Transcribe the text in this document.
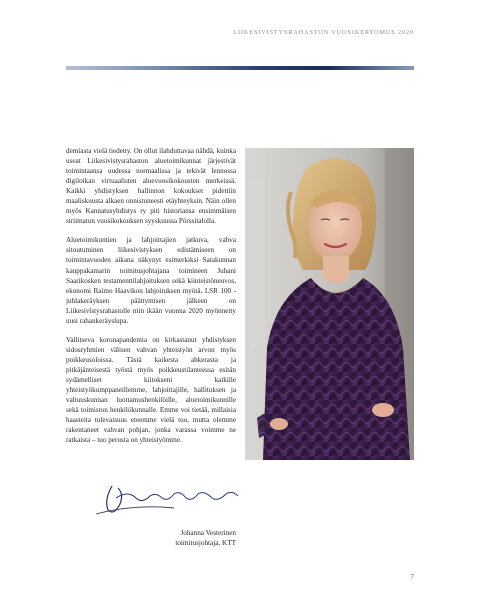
LIIKESIVISTYSRAHASTON VUOSIKERTOMUS 2020

demiasta vielä tiedetty. On ollut ilahduttavaa nähdä, kuinka useat Liikesivistysrahaston aluetoimikunnat järjestivät toimintaansa uudessa normaalissa ja tekivät lennossa digiloikan virtuaalisten aluevuosikokousten merkeissä. Kaikki yhdistyksen hallinnon kokoukset pidettiin maaliskuusta alkaen onnistuneesti etäyhteyksin. Näin ollen myös Kannatusyhdistys ry piti historiansa ensimmäisen striimatun vuosikokouksen syyskuussa Pörssitalolla.

Aluetoimikuntien ja lahjoittajien jatkuva, vahva sitoutuminen liikesivistyksen edistämiseen on toimintavuoden aikana näkynyt esimerkiksi Satakunnan kauppakamarin toimitusjohtajana toimineen Juhani Saarikosken testamenttilahjoituksen sekä kiinteistöneuvos, ekonomi Raimo Haavikon lahjoituksen myötä. LSR 100 -juhlakeräyksen päättymisen jälkeen on Liikesivistysrahastolle niin ikään vuonna 2020 myönnetty uusi rahankeräyslupa.

Vallitseva koronapandemia on kirkastanut yhdistyksen sidosryhmien välisen vahvan yhteistyön arvon myös poikkeusoloissa. Tästä kaikesta ahkerasta ja pitkäjänteisestä työstä myös poikkeustilanteessa esitän sydämelliset kiitokseni kaikille yhteistyökumppaneillemme, lahjoittajille, hallituksen ja valtuuskunnan luottamushenkilöille, aluetoimikunnille sekä toimiston henkilökunnalle. Emme voi tietää, millaisia haasteita tulevaisuus eteemme vielä tuo, mutta olemme rakentaneet vahvan pohjan, jonka varassa voimme ne ratkaista – tuo perusta on yhteistyömme.

Johanna Vesterinen
toimitusjohtaja, KTT
7
